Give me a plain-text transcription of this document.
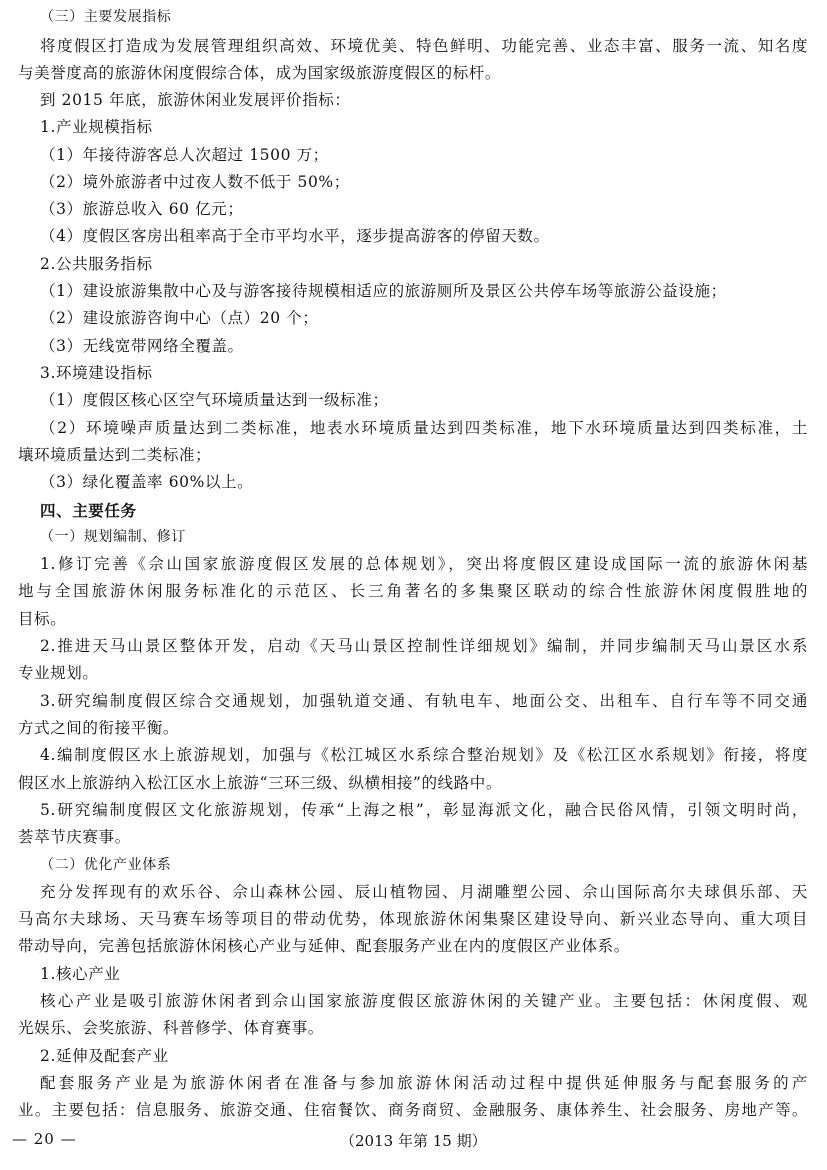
（三）主要发展指标
将度假区打造成为发展管理组织高效、环境优美、特色鲜明、功能完善、业态丰富、服务一流、知名度
与美誉度高的旅游休闲度假综合体，成为国家级旅游度假区的标杆。
到 2015 年底，旅游休闲业发展评价指标：
1.产业规模指标
（1）年接待游客总人次超过 1500 万；
（2）境外旅游者中过夜人数不低于 50%；
（3）旅游总收入 60 亿元；
（4）度假区客房出租率高于全市平均水平，逐步提高游客的停留天数。
2.公共服务指标
（1）建设旅游集散中心及与游客接待规模相适应的旅游厕所及景区公共停车场等旅游公益设施；
（2）建设旅游咨询中心（点）20 个；
（3）无线宽带网络全覆盖。
3.环境建设指标
（1）度假区核心区空气环境质量达到一级标准；
（2）环境噪声质量达到二类标准，地表水环境质量达到四类标准，地下水环境质量达到四类标准，土
壤环境质量达到二类标准；
（3）绿化覆盖率 60%以上。
四、主要任务
（一）规划编制、修订
1.修订完善《佘山国家旅游度假区发展的总体规划》，突出将度假区建设成国际一流的旅游休闲基
地与全国旅游休闲服务标准化的示范区、长三角著名的多集聚区联动的综合性旅游休闲度假胜地的
目标。
2.推进天马山景区整体开发，启动《天马山景区控制性详细规划》编制，并同步编制天马山景区水系
专业规划。
3.研究编制度假区综合交通规划，加强轨道交通、有轨电车、地面公交、出租车、自行车等不同交通
方式之间的衔接平衡。
4.编制度假区水上旅游规划，加强与《松江城区水系综合整治规划》及《松江区水系规划》衔接，将度
假区水上旅游纳入松江区水上旅游“三环三级、纵横相接”的线路中。
5.研究编制度假区文化旅游规划，传承“上海之根”，彰显海派文化，融合民俗风情，引领文明时尚，
荟萃节庆赛事。
（二）优化产业体系
充分发挥现有的欢乐谷、佘山森林公园、辰山植物园、月湖雕塑公园、佘山国际高尔夫球俱乐部、天
马高尔夫球场、天马赛车场等项目的带动优势，体现旅游休闲集聚区建设导向、新兴业态导向、重大项目
带动导向，完善包括旅游休闲核心产业与延伸、配套服务产业在内的度假区产业体系。
1.核心产业
核心产业是吸引旅游休闲者到佘山国家旅游度假区旅游休闲的关键产业。主要包括：休闲度假、观
光娱乐、会奖旅游、科普修学、体育赛事。
2.延伸及配套产业
配套服务产业是为旅游休闲者在准备与参加旅游休闲活动过程中提供延伸服务与配套服务的产
业。主要包括：信息服务、旅游交通、住宿餐饮、商务商贸、金融服务、康体养生、社会服务、房地产等。
— 20 —	（2013 年第 15 期）
